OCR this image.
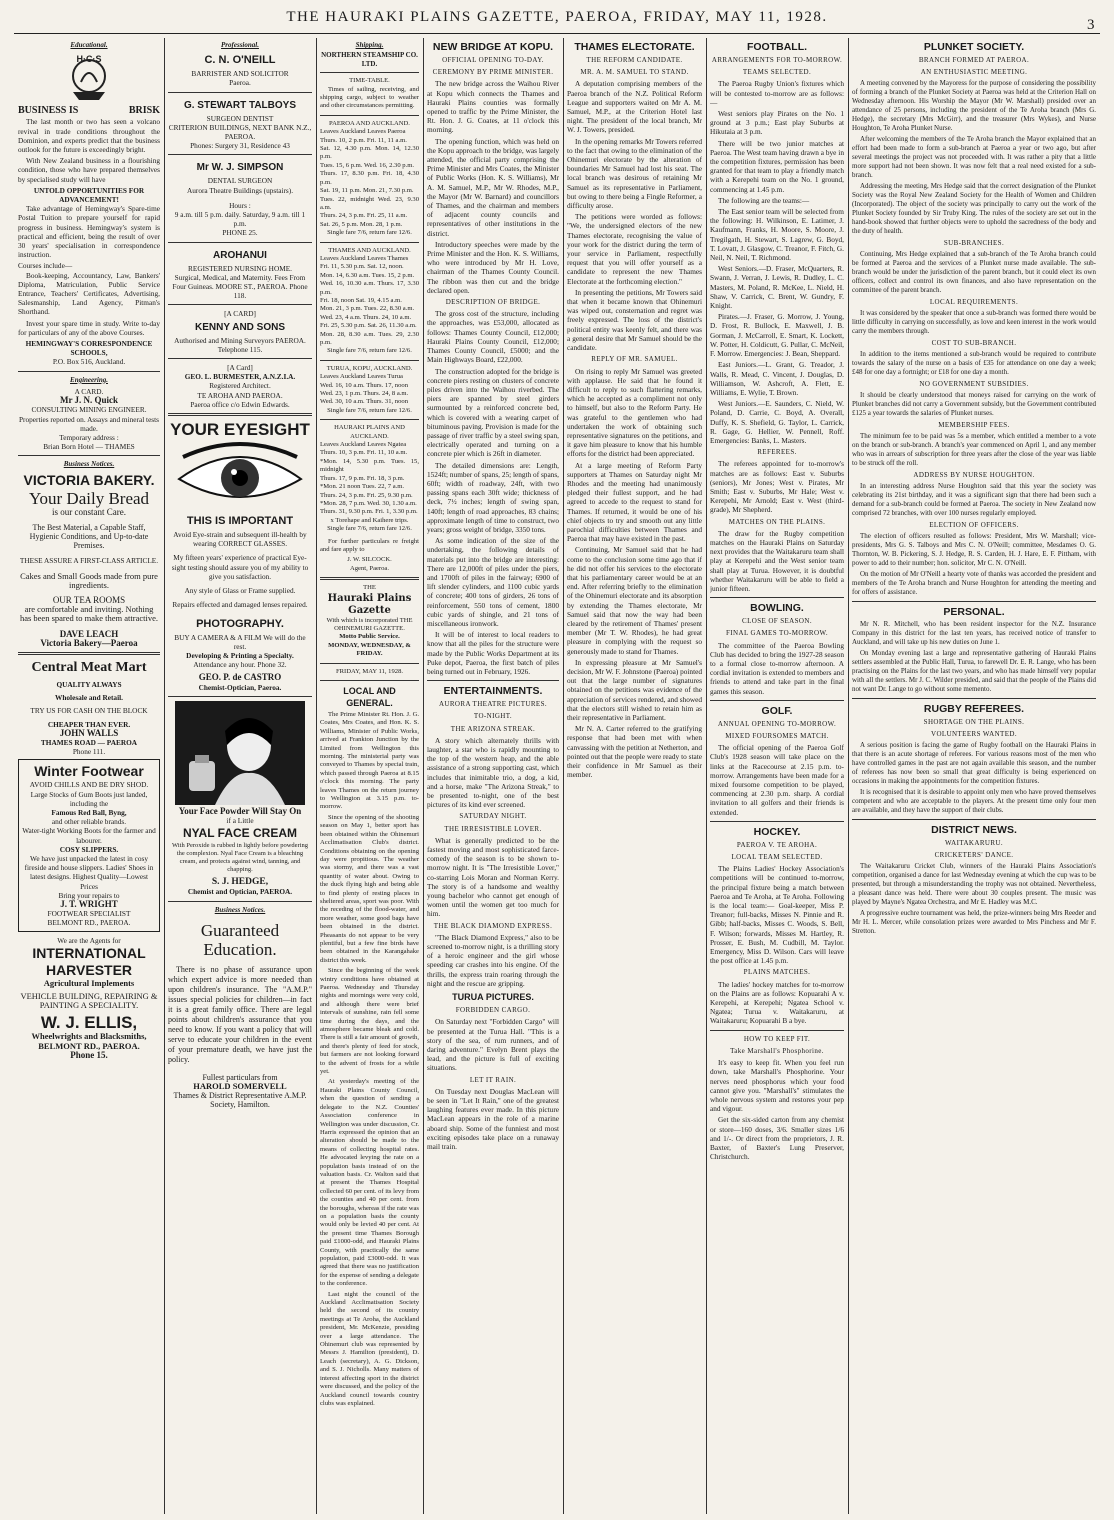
THE HAURAKI PLAINS GAZETTE, PAEROA, FRIDAY, MAY 11, 1928.	3
Educational.
H·C·S
BUSINESS IS	BRISK

The last month or two has seen a volcano revival in trade conditions throughout the Dominion, and experts predict that the business outlook for the future is exceedingly bright.

With New Zealand business in a flourishing condition, those who have prepared themselves by specialised study will have

UNTOLD OPPORTUNITIES FOR ADVANCEMENT!

Take advantage of Hemingway's Spare-time Postal Tuition to prepare yourself for rapid progress in business. Hemingway's system is practical and efficient, being the result of over 30 years' specialisation in correspondence instruction.

Courses include—

Book-keeping, Accountancy, Law, Bankers' Diploma, Matriculation, Public Service Entrance, Teachers' Certificates, Advertising, Salesmanship, Land Agency, Pitman's Shorthand.

Invest your spare time in study. Write to-day for particulars of any of the above Courses.

HEMINGWAY'S CORRESPONDENCE SCHOOLS,
P.O. Box 516, Auckland.
Engineering.
A CARD.
Mr J. N. Quick
CONSULTING MINING ENGINEER.
Properties reported on. Assays and mineral tests made.
Temporary address :
Brian Born Hotel — THAMES
Business Notices.
VICTORIA BAKERY.
Your Daily Bread
is our constant Care.
The Best Material, a Capable Staff, Hygienic Conditions, and Up-to-date Premises.
THESE ASSURE A FIRST-CLASS ARTICLE.
Cakes and Small Goods made from pure ingredients.
OUR TEA ROOMS
are comfortable and inviting. Nothing has been spared to make them attractive.
DAVE LEACH
Victoria Bakery—Paeroa
Central Meat Mart
QUALITY ALWAYS
Wholesale and Retail.
TRY US FOR CASH ON THE BLOCK
CHEAPER THAN EVER.
JOHN WALLS
THAMES ROAD — PAEROA
Phone 111.
Winter Footwear
AVOID CHILLS AND BE DRY SHOD.
Large Stocks of Gum Boots just landed, including the
Famous Red Ball, Byng,
and other reliable brands.
Water-tight Working Boots for the farmer and labourer.
COSY SLIPPERS.
We have just unpacked the latest in cosy fireside and house slippers. Ladies' Shoes in latest designs. Highest Quality—Lowest Prices
Bring your repairs to
J. T. WRIGHT
FOOTWEAR SPECIALIST
BELMONT RD., PAEROA.
We are the Agents for
INTERNATIONAL
HARVESTER
Agricultural Implements
VEHICLE BUILDING, REPAIRING & PAINTING A SPECIALITY.
W. J. ELLIS,
Wheelwrights and Blacksmiths,
BELMONT RD., PAEROA.
Phone 15.
Professional.
C. N. O'NEILL
BARRISTER AND SOLICITOR
Paeroa.
G. STEWART TALBOYS
SURGEON DENTIST
CRITERION BUILDINGS, NEXT BANK N.Z., PAEROA.
Phones: Surgery 31, Residence 43
Mr W. J. SIMPSON
DENTAL SURGEON
Aurora Theatre Buildings (upstairs).
Hours :
9 a.m. till 5 p.m. daily. Saturday, 9 a.m. till 1 p.m.
PHONE 25.
AROHANUI
REGISTERED NURSING HOME.
Surgical, Medical, and Maternity. Fees From Four Guineas. MOORE ST., PAEROA. Phone 118.
[A CARD]
KENNY AND SONS
Authorised and Mining Surveyors PAEROA.
Telephone 115.
[A Card]
GEO. L. BURMESTER, A.N.Z.I.A.
Registered Architect.
TE AROHA AND PAEROA.
Paeroa office c/o Edwin Edwards.
YOUR EYESIGHT
THIS IS IMPORTANT
Avoid Eye-strain and subsequent ill-health by wearing CORRECT GLASSES.
My fifteen years' experience of practical Eye-sight testing should assure you of my ability to give you satisfaction.
Any style of Glass or Frame supplied.
Repairs effected and damaged lenses repaired.
PHOTOGRAPHY.
BUY A CAMERA & A FILM We will do the rest.
Developing & Printing a Specialty.
Attendance any hour. Phone 32.
GEO. P. de CASTRO
Chemist-Optician, Paeroa.
Your Face Powder Will Stay On
if a Little
NYAL FACE CREAM
With Peroxide is rubbed in lightly before powdering the complexion. Nyal Face Cream is a bleaching cream, and protects against wind, tanning, and chapping.
S. J. HEDGE,
Chemist and Optician, PAEROA.
Business Notices.
Guaranteed Education.

There is no phase of assurance upon which expert advice is more needed than upon children's insurance. The "A.M.P." issues special policies for children—in fact it is a great family office. There are legal points about children's assurance that you need to know. If you want a policy that will serve to educate your children in the event of your premature death, we have just the policy.

Fullest particulars from
HAROLD SOMERVELL
Thames & District Representative A.M.P. Society, Hamilton.
Shipping.
NORTHERN STEAMSHIP CO. LTD.
TIME-TABLE.

Times of sailing, receiving, and shipping cargo, subject to weather and other circumstances permitting.

PAEROA AND AUCKLAND.
Leaves Auckland Leaves Paeroa
Thurs. 10, 2 p.m. Fri. 11, 11 a.m.
Sat. 12, 4.30 p.m. Mon. 14, 12.30 p.m.
Tues. 15, 6 p.m. Wed. 16, 2.30 p.m.
Thurs. 17, 8.30 p.m. Fri. 18, 4.30 p.m.
Sat. 19, 11 p.m. Mon. 21, 7.30 p.m.
Tues. 22, midnight Wed. 23, 9.30 a.m.
Thurs. 24, 3 p.m. Fri. 25, 11 a.m.
Sat. 26, 5 p.m. Mon. 28, 1 p.m.
Single fare 7/6, return fare 12/6.
THAMES AND AUCKLAND.
Leaves Auckland Leaves Thames
Fri. 11, 5.30 p.m. Sat. 12, noon.
Mon. 14, 6.30 a.m. Tues. 15, 2 p.m.
Wed. 16, 10.30 a.m. Thurs. 17, 3.30 p.m.
Fri. 18, noon Sat. 19, 4.15 a.m.
Mon. 21, 3 p.m. Tues. 22, 8.30 a.m.
Wed. 23, 4 a.m. Thurs. 24, 10 a.m.
Fri. 25, 5.30 p.m. Sat. 26, 11.30 a.m.
Mon. 28, 8.30 a.m. Tues. 29, 2.30 p.m.
Single fare 7/6, return fare 12/6.
TURUA, KOPU, AUCKLAND.
Leaves Auckland Leaves Turua
Wed. 16, 10 a.m. Thurs. 17, noon
Wed. 23, 1 p.m. Thurs. 24, 8 a.m.
Wed. 30, 10 a.m. Thurs. 31, noon
Single fare 7/6, return fare 12/6.
HAURAKI PLAINS AND AUCKLAND.
Leaves Auckland Leaves Ngatea
Thurs. 10, 3 p.m. Fri. 11, 10 a.m.
*Mon. 14, 5.30 p.m. Tues. 15, midnight
Thurs. 17, 9 p.m. Fri. 18, 3 p.m.
*Mon. 21 noon Tues. 22, 7 a.m.
Thurs. 24, 3 p.m. Fri. 25, 9.30 p.m.
*Mon. 28, 7 p.m. Wed. 30, 1.30 a.m.
Thurs. 31, 9.30 p.m. Fri. 1, 3.30 p.m.
x Torehape and Kaihere trips.
Single fare 7/6, return fare 12/6.

For further particulars re freight and fare apply to

J. W. SILCOCK.
Agent, Paeroa.
THE
Hauraki Plains Gazette
With which is incorporated THE OHINEMURI GAZETTE.
Motto Public Service.
MONDAY, WEDNESDAY, & FRIDAY.
FRIDAY, MAY 11, 1928.
LOCAL AND GENERAL.

The Prime Minister Rt. Hon. J. G. Coates, Mrs Coates, and Hon. K. S. Williams, Minister of Public Works, arrived at Frankton Junction by the Limited from Wellington this morning. The ministerial party was conveyed to Thames by special train, which passed through Paeroa at 8.15 o'clock this morning. The party leaves Thames on the return journey to Wellington at 3.15 p.m. to-morrow.

Since the opening of the shooting season on May 1, better sport has been obtained within the Ohinemuri Acclimatisation Club's district. Conditions obtaining on the opening day were propitious. The weather was stormy, and there was a vast quantity of water about. Owing to the duck flying high and being able to find plenty of resting places in sheltered areas, sport was poor. With the receding of the flood-water, and more weather, some good bags have been obtained in the district. Pheasants do not appear to be very plentiful, but a few fine birds have been obtained in the Karangahake district this week.

Since the beginning of the week wintry conditions have obtained at Paeroa. Wednesday and Thursday nights and mornings were very cold, and although there were brief intervals of sunshine, rain fell some time during the days, and the atmosphere became bleak and cold. There is still a fair amount of growth, and there's plenty of feed for stock, but farmers are not looking forward to the advent of frosts for a while yet.

At yesterday's meeting of the Hauraki Plains County Council, when the question of sending a delegate to the N.Z. Counties' Association conference in Wellington was under discussion, Cr. Harris expressed the opinion that an alteration should be made to the means of collecting hospital rates. He advocated levying the rate on a population basis instead of on the valuation basis. Cr. Walton said that at present the Thames Hospital collected 60 per cent. of its levy from the counties and 40 per cent. from the boroughs, whereas if the rate was on a population basis the county would only be levied 40 per cent. At the present time Thames Borough paid £1000-odd, and Hauraki Plains County, with practically the same population, paid £3000-odd. It was agreed that there was no justification for the expense of sending a delegate to the conference.

Last night the council of the Auckland Acclimatisation Society held the second of its country meetings at Te Aroha, the Auckland president, Mr. McKenzie, presiding over a large attendance. The Ohinemuri club was represented by Messrs J. Hamilton (president), D. Leach (secretary), A. G. Dickson, and S. J. Nicholls. Many matters of interest affecting sport in the district were discussed, and the policy of the Auckland council towards country clubs was explained.

NEW BRIDGE AT KOPU.
OFFICIAL OPENING TO-DAY.
CEREMONY BY PRIME MINISTER.

The new bridge across the Waihou River at Kopu which connects the Thames and Hauraki Plains counties was formally opened to traffic by the Prime Minister, the Rt. Hon. J. G. Coates, at 11 o'clock this morning.

The opening function, which was held on the Kopu approach to the bridge, was largely attended, the official party comprising the Prime Minister and Mrs Coates, the Minister of Public Works (Hon. K. S. Williams), Mr A. M. Samuel, M.P., Mr W. Rhodes, M.P., the Mayor (Mr W. Barnard) and councillors of Thames, and the chairman and members of adjacent county councils and representatives of other institutions in the district.

Introductory speeches were made by the Prime Minister and the Hon. K. S. Williams, who were introduced by Mr H. Love, chairman of the Thames County Council. The ribbon was then cut and the bridge declared open.

DESCRIPTION OF BRIDGE.

The gross cost of the structure, including the approaches, was £53,000, allocated as follows: Thames County Council, £12,000; Hauraki Plains County Council, £12,000; Thames County Council, £5000; and the Main Highways Board, £22,000.

The construction adopted for the bridge is concrete piers resting on clusters of concrete piles driven into the Waihou riverbed. The piers are spanned by steel girders surmounted by a reinforced concrete bed, which is covered with a wearing carpet of bituminous paving. Provision is made for the passage of river traffic by a steel swing span, electrically operated and turning on a concrete pier which is 26ft in diameter.

The detailed dimensions are: Length, 1524ft; number of spans, 25; length of spans, 60ft; width of roadway, 24ft, with two passing spans each 30ft wide; thickness of deck, 7½ inches; length of swing span, 140ft; length of road approaches, 83 chains; approximate length of time to construct, two years; gross weight of bridge, 3350 tons.

As some indication of the size of the undertaking, the following details of materials put into the bridge are interesting: There are 12,000ft of piles under the piers, and 1700ft of piles in the fairway; 6900 of lift slender cylinders, and 1100 cubic yards of concrete; 400 tons of girders, 26 tons of reinforcement, 550 tons of cement, 1800 cubic yards of shingle, and 21 tons of miscellaneous ironwork.

It will be of interest to local readers to know that all the piles for the structure were made by the Public Works Department at its Puke depot, Paeroa, the first batch of piles being turned out in February, 1926.

ENTERTAINMENTS.
AURORA THEATRE PICTURES.
TO-NIGHT.
THE ARIZONA STREAK.

A story which alternately thrills with laughter, a star who is rapidly mounting to the top of the western heap, and the able assistance of a strong supporting cast, which includes that inimitable trio, a dog, a kid, and a horse, make "The Arizona Streak," to be presented to-night, one of the best pictures of its kind ever screened.

SATURDAY NIGHT.
THE IRRESISTIBLE LOVER.

What is generally predicted to be the fastest moving and most sophisticated farce-comedy of the season is to be shown to-morrow night. It is "The Irresistible Lover," co-starring Lois Moran and Norman Kerry. The story is of a handsome and wealthy young bachelor who cannot get enough of women until the women get too much for him.

THE BLACK DIAMOND EXPRESS.

"The Black Diamond Express," also to be screened to-morrow night, is a thrilling story of a heroic engineer and the girl whose speeding car crashes into his engine. Of the thrills, the express train roaring through the night and the rescue are gripping.

TURUA PICTURES.
FORBIDDEN CARGO.

On Saturday next "Forbidden Cargo" will be presented at the Turua Hall. "This is a story of the sea, of rum runners, and of daring adventure." Evelyn Brent plays the lead, and the picture is full of exciting situations.

LET IT RAIN.

On Tuesday next Douglas MacLean will be seen in "Let It Rain," one of the greatest laughing features ever made. In this picture MacLean appears in the role of a marine aboard ship. Some of the funniest and most exciting episodes take place on a runaway mail train.

THAMES ELECTORATE.
THE REFORM CANDIDATE.
MR. A. M. SAMUEL TO STAND.

A deputation comprising members of the Paeroa branch of the N.Z. Political Reform League and supporters waited on Mr A. M. Samuel, M.P., at the Criterion Hotel last night. The president of the local branch, Mr W. J. Towers, presided.

In the opening remarks Mr Towers referred to the fact that owing to the elimination of the Ohinemuri electorate by the alteration of boundaries Mr Samuel had lost his seat. The local branch was desirous of retaining Mr Samuel as its representative in Parliament, but owing to there being a Fingle Reformer, a difficulty arose.

The petitions were worded as follows: "We, the undersigned electors of the new Thames electorate, recognising the value of your work for the district during the term of your service in Parliament, respectfully request that you will offer yourself as a candidate to represent the new Thames Electorate at the forthcoming election."

In presenting the petitions, Mr Towers said that when it became known that Ohinemuri was wiped out, consternation and regret was freely expressed. The loss of the district's political entity was keenly felt, and there was a general desire that Mr Samuel should be the candidate.

REPLY OF MR. SAMUEL.

On rising to reply Mr Samuel was greeted with applause. He said that he found it difficult to reply to such flattering remarks, which he accepted as a compliment not only to himself, but also to the Reform Party. He was grateful to the gentlemen who had undertaken the work of obtaining such representative signatures on the petitions, and it gave him pleasure to know that his humble efforts for the district had been appreciated.

At a large meeting of Reform Party supporters at Thames on Saturday night Mr Rhodes and the meeting had unanimously pledged their fullest support, and he had agreed to accede to the request to stand for Thames. If returned, it would be one of his chief objects to try and smooth out any little parochial difficulties between Thames and Paeroa that may have existed in the past.

Continuing, Mr Samuel said that he had come to the conclusion some time ago that if he did not offer his services to the electorate that his parliamentary career would be at an end. After referring briefly to the elimination of the Ohinemuri electorate and its absorption by extending the Thames electorate, Mr Samuel said that now the way had been cleared by the retirement of Thames' present member (Mr T. W. Rhodes), he had great pleasure in complying with the request so generously made to stand for Thames.

In expressing pleasure at Mr Samuel's decision, Mr W. F. Johnstone (Paeroa) pointed out that the large number of signatures obtained on the petitions was evidence of the appreciation of services rendered, and showed that the electors still wished to retain him as their representative in Parliament.

Mr N. A. Carter referred to the gratifying response that had been met with when canvassing with the petition at Netherton, and pointed out that the people were ready to state their confidence in Mr Samuel as their member.

FOOTBALL.
ARRANGEMENTS FOR TO-MORROW.
TEAMS SELECTED.

The Paeroa Rugby Union's fixtures which will be contested to-morrow are as follows:—

West seniors play Pirates on the No. 1 ground at 3 p.m.; East play Suburbs at Hikutaia at 3 p.m.

There will be two junior matches at Paeroa. The West team having drawn a bye in the competition fixtures, permission has been granted for that team to play a friendly match with a Kerepehi team on the No. 1 ground, commencing at 1.45 p.m.

The following are the teams:—

The East senior team will be selected from the following: H. Wilkinson, E. Latimer, J. Kaufmann, Franks, H. Moore, S. Moore, J. Tregilgath, H. Stewart, S. Lagrew, G. Boyd, T. Lovatt, J. Glasgow, C. Treanor, F. Fitch, G. Neil, N. Neil, T. Richmond.

West Seniors.—D. Fraser, McQuarters, R. Swann, J. Verran, J. Lewis, R. Dudley, L. C. Masters, M. Poland, R. McKee, L. Nield, H. Shaw, V. Carrick, C. Brent, W. Gundry, F. Knight.

Pirates.—J. Fraser, G. Morrow, J. Young, D. Frost, R. Bullock, E. Maxwell, J. B. Gorman, J. McCarroll, E. Smart, K. Lockett, W. Potter, H. Coldicutt, G. Pullar, C. McNeil, F. Morrow. Emergencies: J. Bean, Sheppard.

East Juniors.—L. Grant, G. Treador, J. Walls, R. Mead, C. Vincent, J. Douglas, D. Williamson, W. Ashcroft, A. Flett, E. Williams, E. Wylie, T. Brown.

West Juniors.—E. Saunders, C. Nield, W. Poland, D. Carrie, C. Boyd, A. Overall, Duffy, K. S. Shefield, G. Taylor, L. Carrick, R. Gage, G. Hellier, W. Pennell, Roff. Emergencies: Banks, L. Masters.

REFEREES.

The referees appointed for to-morrow's matches are as follows: East v. Suburbs (seniors), Mr Jones; West v. Pirates, Mr Smith; East v. Suburbs, Mr Hale; West v. Kerepehi, Mr Arnold; East v. West (third-grade), Mr Shepherd.

MATCHES ON THE PLAINS.

The draw for the Rugby competition matches on the Hauraki Plains on Saturday next provides that the Waitakaruru team shall play at Kerepehi and the West senior team shall play at Turua. However, it is doubtful whether Waitakaruru will be able to field a junior fifteen.

BOWLING.
CLOSE OF SEASON.
FINAL GAMES TO-MORROW.

The committee of the Paeroa Bowling Club has decided to bring the 1927-28 season to a formal close to-morrow afternoon. A cordial invitation is extended to members and friends to attend and take part in the final games this season.

GOLF.
ANNUAL OPENING TO-MORROW.
MIXED FOURSOMES MATCH.

The official opening of the Paeroa Golf Club's 1928 season will take place on the links at the Racecourse at 2.15 p.m. to-morrow. Arrangements have been made for a mixed foursome competition to be played, commencing at 2.30 p.m. sharp. A cordial invitation to all golfers and their friends is extended.

HOCKEY.
PAEROA V. TE AROHA.
LOCAL TEAM SELECTED.

The Plains Ladies' Hockey Association's competitions will be continued to-morrow, the principal fixture being a match between Paeroa and Te Aroha, at Te Aroha. Following is the local team:— Goal-keeper, Miss P. Treanor; full-backs, Misses N. Pinnie and R. Gibb; half-backs, Misses C. Woods, S. Bell, F. Wilson; forwards, Misses M. Hartley, R. Prosser, E. Bush, M. Cudbill, M. Taylor. Emergency, Miss D. Wilson. Cars will leave the post office at 1.45 p.m.

PLAINS MATCHES.

The ladies' hockey matches for to-morrow on the Plains are as follows: Kopuarahi A v. Kerepehi, at Kerepehi; Ngatea School v. Ngatea; Turua v. Waitakaruru, at Waitakaruru; Kopuarahi B a bye.

HOW TO KEEP FIT.
Take Marshall's Phosphorine.

It's easy to keep fit. When you feel run down, take Marshall's Phosphorine. Your nerves need phosphorus which your food cannot give you. "Marshall's" stimulates the whole nervous system and restores your pep and vigour.

Get the six-sided carton from any chemist or store—160 doses, 3/6. Smaller sizes 1/6 and 1/-. Or direct from the proprietors, J. R. Baxter, of Baxter's Lung Preserver, Christchurch.

PLUNKET SOCIETY.
BRANCH FORMED AT PAEROA.
AN ENTHUSIASTIC MEETING.

A meeting convened by the Mayoress for the purpose of considering the possibility of forming a branch of the Plunket Society at Paeroa was held at the Criterion Hall on Wednesday afternoon. His Worship the Mayor (Mr W. Marshall) presided over an attendance of 25 persons, including the president of the Te Aroha branch (Mrs G. Hedge), the secretary (Mrs McGirr), and the treasurer (Mrs Wykes), and Nurse Houghton, Te Aroha Plunket Nurse.

After welcoming the members of the Te Aroha branch the Mayor explained that an effort had been made to form a sub-branch at Paeroa a year or two ago, but after several meetings the project was not proceeded with. It was rather a pity that a little more support had not been shown. It was now felt that a real need existed for a sub-branch.

Addressing the meeting, Mrs Hedge said that the correct designation of the Plunket Society was the Royal New Zealand Society for the Health of Women and Children (Incorporated). The object of the society was principally to carry out the work of the Plunket Society founded by Sir Truby King. The rules of the society are set out in the hand-book showed that further objects were to uphold the sacredness of the body and the duty of health.

SUB-BRANCHES.

Continuing, Mrs Hedge explained that a sub-branch of the Te Aroha branch could be formed at Paeroa and the services of a Plunket nurse made available. The sub-branch would be under the jurisdiction of the parent branch, but it could elect its own officers, collect and control its own finances, and also have representation on the committee of the parent branch.

LOCAL REQUIREMENTS.

It was considered by the speaker that once a sub-branch was formed there would be little difficulty in carrying on successfully, as love and keen interest in the work would carry the members through.

COST TO SUB-BRANCH.

In addition to the items mentioned a sub-branch would be required to contribute towards the salary of the nurse on a basis of £35 for attendance on one day a week; £48 for one day a fortnight; or £18 for one day a month.

NO GOVERNMENT SUBSIDIES.

It should be clearly understood that moneys raised for carrying on the work of Plunket branches did not carry a Government subsidy, but the Government contributed £125 a year towards the salaries of Plunket nurses.

MEMBERSHIP FEES.

The minimum fee to be paid was 5s a member, which entitled a member to a vote on the branch or sub-branch. A branch's year commenced on April 1, and any member who was in arrears of subscription for three years after the close of the year was liable to be struck off the roll.

ADDRESS BY NURSE HOUGHTON.

In an interesting address Nurse Houghton said that this year the society was celebrating its 21st birthday, and it was a significant sign that there had been such a demand for a sub-branch could be formed at Paeroa. The society in New Zealand now comprised 72 branches, with over 100 nurses regularly employed.

ELECTION OF OFFICERS.

The election of officers resulted as follows: President, Mrs W. Marshall; vice-presidents, Mrs G. S. Talboys and Mrs C. N. O'Neill; committee, Mesdames O. G. Thornton, W. B. Pickering, S. J. Hedge, R. S. Carden, H. J. Hare, E. F. Pittham, with power to add to their number; hon. solicitor, Mr C. N. O'Neill.

On the motion of Mr O'Neill a hearty vote of thanks was accorded the president and members of the Te Aroha branch and Nurse Houghton for attending the meeting and for offers of assistance.

PERSONAL.

Mr N. R. Mitchell, who has been resident inspector for the N.Z. Insurance Company in this district for the last ten years, has received notice of transfer to Auckland, and will take up his new duties on June 1.

On Monday evening last a large and representative gathering of Hauraki Plains settlers assembled at the Public Hall, Turua, to farewell Dr. E. R. Lange, who has been practising on the Plains for the last two years, and who has made himself very popular with all the settlers. Mr J. C. Wilder presided, and said that the people of the Plains did not want Dr. Lange to go without some memento.

RUGBY REFEREES.
SHORTAGE ON THE PLAINS.
VOLUNTEERS WANTED.

A serious position is facing the game of Rugby football on the Hauraki Plains in that there is an acute shortage of referees. For various reasons most of the men who have controlled games in the past are not again available this season, and the number of referees has now been so small that great difficulty is being experienced on occasions in making the appointments for the competition fixtures.

It is recognised that it is desirable to appoint only men who have proved themselves competent and who are acceptable to the players. At the present time only four men are available, and they have the support of their clubs.

DISTRICT NEWS.
WAITAKARURU.
CRICKETERS' DANCE.

The Waitakaruru Cricket Club, winners of the Hauraki Plains Association's competition, organised a dance for last Wednesday evening at which the cup was to be presented, but through a misunderstanding the trophy was not obtained. Nevertheless, a pleasant dance was held. There were about 30 couples present. The music was played by Mayne's Ngatea Orchestra, and Mr E. Hadley was M.C.

A progressive euchre tournament was held, the prize-winners being Mrs Reeder and Mr H. L. Mercer, while consolation prizes were awarded to Mrs Pinchess and Mr F. Stretton.
